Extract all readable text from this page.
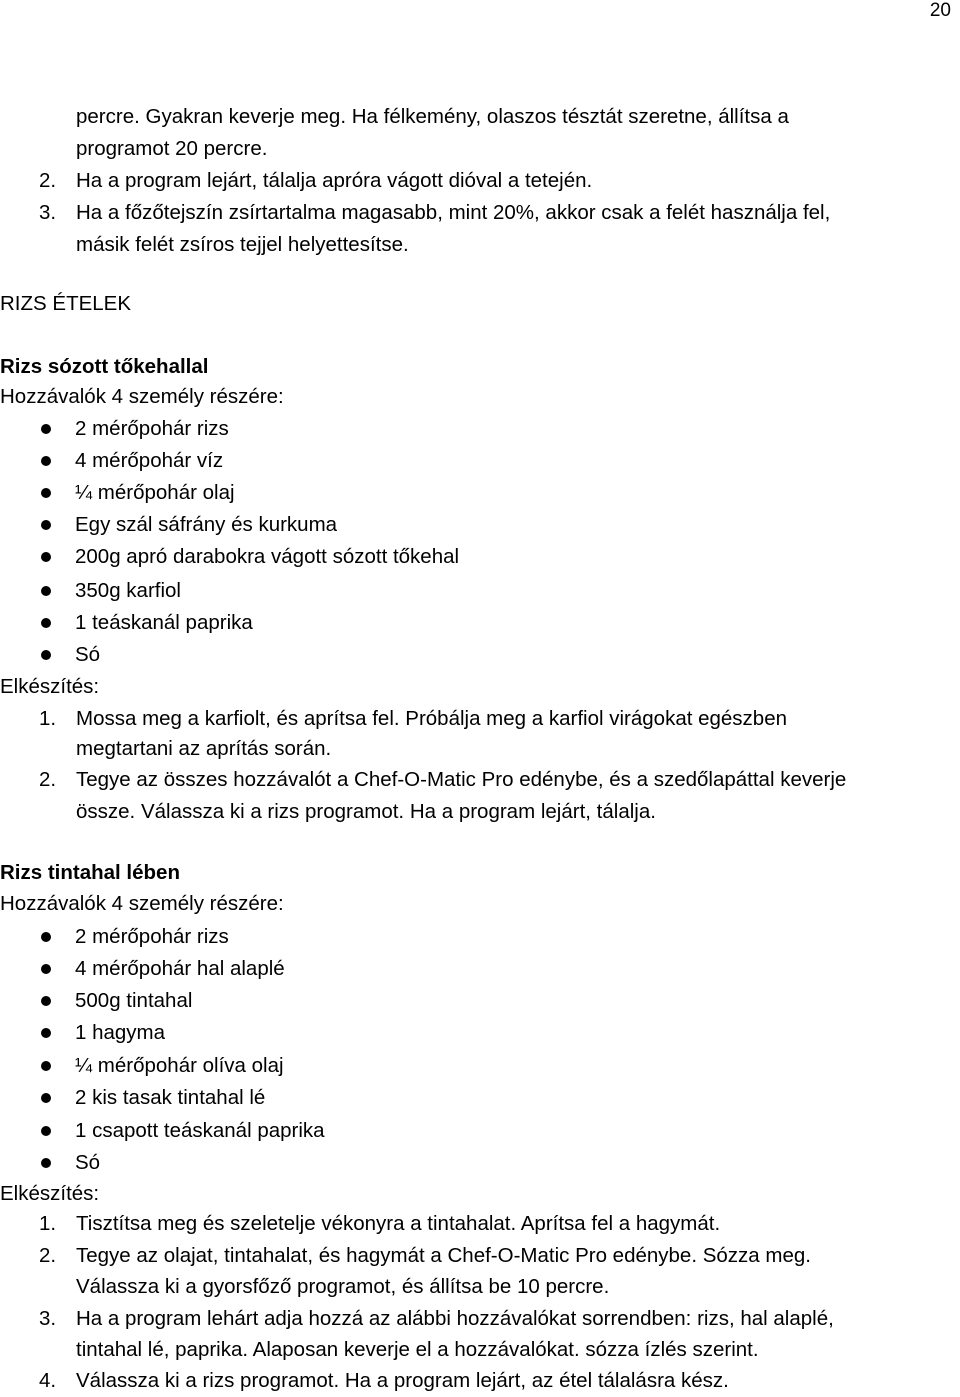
20
percre. Gyakran keverje meg. Ha félkemény, olaszos tésztát szeretne, állítsa a
programot 20 percre.
2. Ha a program lejárt, tálalja apróra vágott dióval a tetején.
3. Ha a főzőtejszín zsírtartalma magasabb, mint 20%, akkor csak a felét használja fel,
másik felét zsíros tejjel helyettesítse.
RIZS ÉTELEK
Rizs sózott tőkehallal
Hozzávalók 4 személy részére:
2 mérőpohár rizs
4 mérőpohár víz
¼ mérőpohár olaj
Egy szál sáfrány és kurkuma
200g apró darabokra vágott sózott tőkehal
350g karfiol
1 teáskanál paprika
Só
Elkészítés:
1. Mossa meg a karfiolt, és aprítsa fel. Próbálja meg a karfiol virágokat egészben
megtartani az aprítás során.
2. Tegye az összes hozzávalót a Chef-O-Matic Pro edénybe, és a szedőlapáttal keverje
össze. Válassza ki a rizs programot. Ha a program lejárt, tálalja.
Rizs tintahal lében
Hozzávalók 4 személy részére:
2 mérőpohár rizs
4 mérőpohár hal alaplé
500g tintahal
1 hagyma
¼ mérőpohár olíva olaj
2 kis tasak tintahal lé
1 csapott teáskanál paprika
Só
Elkészítés:
1. Tisztítsa meg és szeletelje vékonyra a tintahalat. Aprítsa fel a hagymát.
2. Tegye az olajat, tintahalat, és hagymát a Chef-O-Matic Pro edénybe. Sózza meg.
Válassza ki a gyorsfőző programot, és állítsa be 10 percre.
3. Ha a program lehárt adja hozzá az alábbi hozzávalókat sorrendben: rizs, hal alaplé,
tintahal lé, paprika. Alaposan keverje el a hozzávalókat. sózza ízlés szerint.
4. Válassza ki a rizs programot. Ha a program lejárt, az étel tálalásra kész.
